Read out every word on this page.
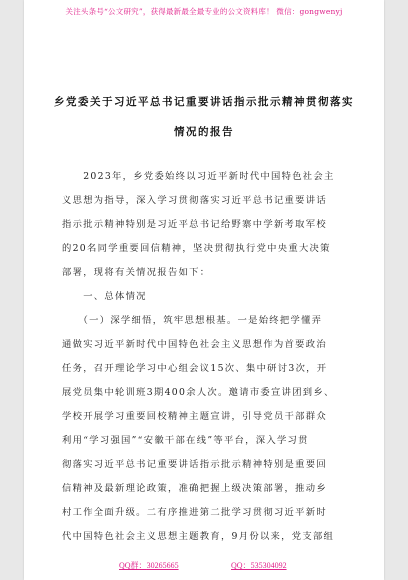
关注头条号“公文研究”，获得最新最全最专业的公文资料库！ 微信：gongwenyj
乡党委关于习近平总书记重要讲话指示批示精神贯彻落实
情况的报告
　　2023年，乡党委始终以习近平新时代中国特色社会主
义思想为指导，深入学习贯彻落实习近平总书记重要讲话
指示批示精神特别是习近平总书记给野寨中学新考取军校
的20名同学重要回信精神，坚决贯彻执行党中央重大决策
部署，现将有关情况报告如下：
　　一、总体情况
　　（一）深学细悟，筑牢思想根基。一是始终把学懂弄
通做实习近平新时代中国特色社会主义思想作为首要政治
任务，召开理论学习中心组会议15次、集中研讨3次，开
展党员集中轮训班3期400余人次。邀请市委宣讲团到乡、
学校开展学习重要回校精神主题宣讲，引导党员干部群众
利用“学习强国”“安徽干部在线”等平台，深入学习贯
彻落实习近平总书记重要讲话指示批示精神特别是重要回
信精神及最新理论政策，准确把握上级决策部署，推动乡
村工作全面升级。二有序推进第二批学习贯彻习近平新时
代中国特色社会主义思想主题教育，9月份以来，党支部组
QQ群：30265665	QQ：535304092
